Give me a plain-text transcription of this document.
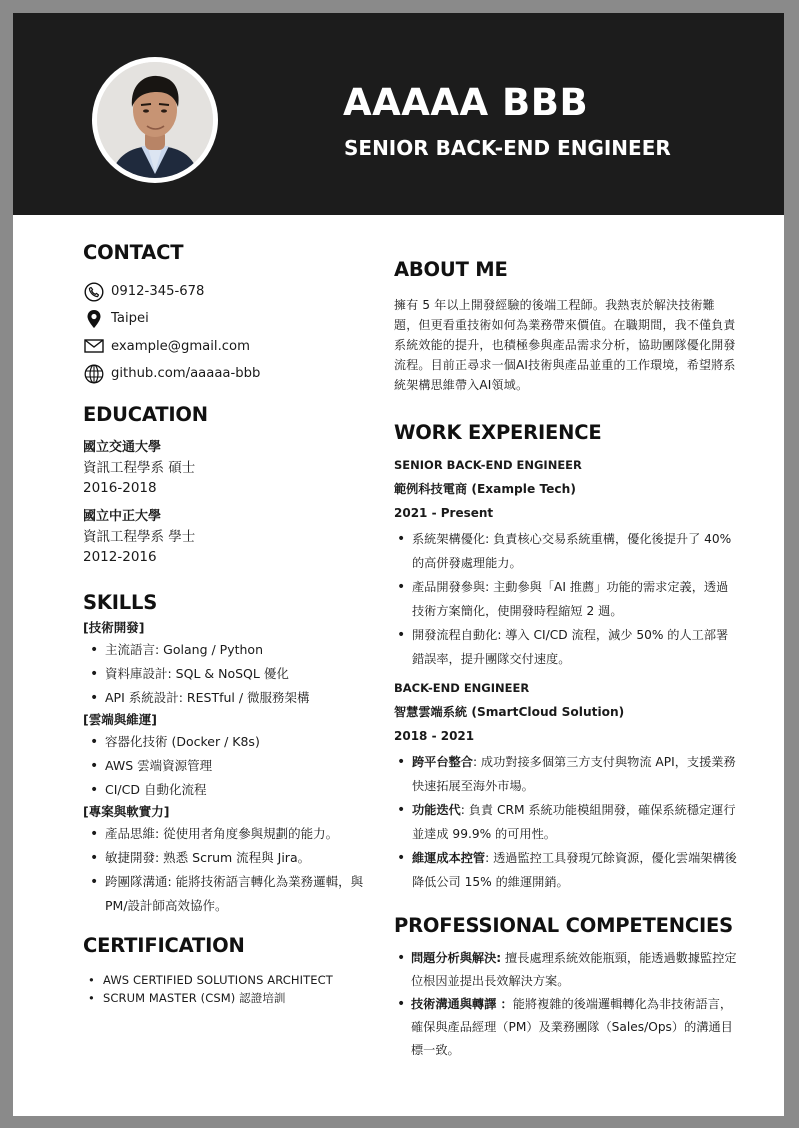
AAAAA BBB
SENIOR BACK-END ENGINEER
CONTACT
0912-345-678
Taipei
example@gmail.com
github.com/aaaaa-bbb
EDUCATION
國立交通大學
資訊工程學系 碩士
2016-2018
國立中正大學
資訊工程學系 學士
2012-2016
SKILLS
[技術開發]
• 主流語言: Golang / Python
• 資料庫設計: SQL & NoSQL 優化
• API 系統設計: RESTful / 微服務架構
[雲端與維運]
• 容器化技術 (Docker / K8s)
• AWS 雲端資源管理
• CI/CD 自動化流程
[專案與軟實力]
• 產品思維: 從使用者角度參與規劃的能力。
• 敏捷開發: 熟悉 Scrum 流程與 Jira。
• 跨團隊溝通: 能將技術語言轉化為業務邏輯，與 PM/設計師高效協作。
CERTIFICATION
• AWS CERTIFIED SOLUTIONS ARCHITECT
• SCRUM MASTER (CSM) 認證培訓
ABOUT ME

擁有 5 年以上開發經驗的後端工程師。我熱衷於解決技術難題，但更看重技術如何為業務帶來價值。在職期間，我不僅負責系統效能的提升，也積極參與產品需求分析，協助團隊優化開發流程。目前正尋求一個AI技術與產品並重的工作環境，希望將系統架構思維帶入AI領域。

WORK EXPERIENCE
SENIOR BACK-END ENGINEER
範例科技電商 (Example Tech)
2021 - Present
• 系統架構優化: 負責核心交易系統重構，優化後提升了 40% 的高併發處理能力。
• 產品開發參與: 主動參與「AI 推薦」功能的需求定義，透過技術方案簡化，使開發時程縮短 2 週。
• 開發流程自動化: 導入 CI/CD 流程，減少 50% 的人工部署錯誤率，提升團隊交付速度。
BACK-END ENGINEER
智慧雲端系統 (SmartCloud Solution)
2018 - 2021
• 跨平台整合: 成功對接多個第三方支付與物流 API，支援業務快速拓展至海外市場。
• 功能迭代: 負責 CRM 系統功能模組開發，確保系統穩定運行並達成 99.9% 的可用性。
• 維運成本控管: 透過監控工具發現冗餘資源，優化雲端架構後降低公司 15% 的維運開銷。
PROFESSIONAL COMPETENCIES
• 問題分析與解決: 擅長處理系統效能瓶頸，能透過數據監控定位根因並提出長效解決方案。
• 技術溝通與轉譯 ：能將複雜的後端邏輯轉化為非技術語言，確保與產品經理（PM）及業務團隊（Sales/Ops）的溝通目標一致。
